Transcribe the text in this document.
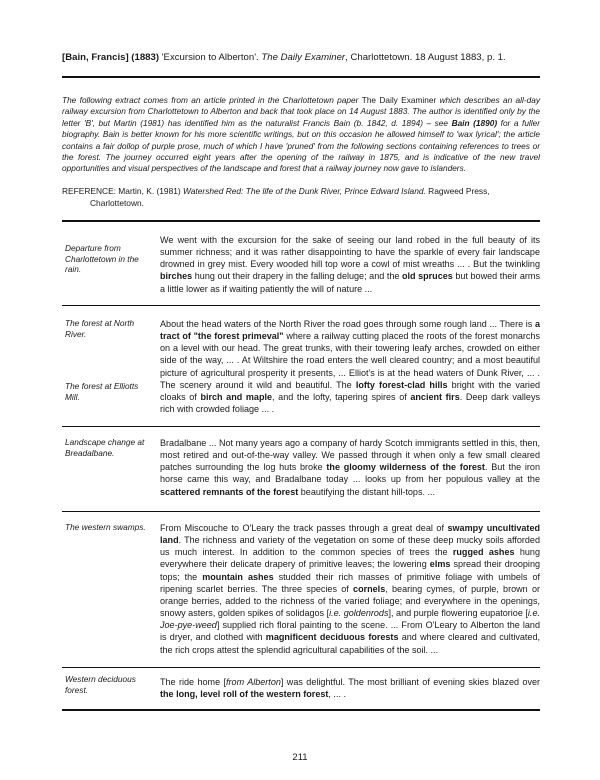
[Bain, Francis] (1883) 'Excursion to Alberton'. The Daily Examiner, Charlottetown. 18 August 1883, p. 1.
The following extract comes from an article printed in the Charlottetown paper The Daily Examiner which describes an all-day railway excursion from Charlottetown to Alberton and back that took place on 14 August 1883. The author is identified only by the letter 'B', but Martin (1981) has identified him as the naturalist Francis Bain (b. 1842, d. 1894) – see Bain (1890) for a fuller biography. Bain is better known for his more scientific writings, but on this occasion he allowed himself to 'wax lyrical'; the article contains a fair dollop of purple prose, much of which I have 'pruned' from the following sections containing references to trees or the forest. The journey occurred eight years after the opening of the railway in 1875, and is indicative of the new travel opportunities and visual perspectives of the landscape and forest that a railway journey now gave to islanders.
REFERENCE: Martin, K. (1981) Watershed Red: The life of the Dunk River, Prince Edward Island. Ragweed Press,
Charlottetown.
Departure from Charlottetown in the rain.
We went with the excursion for the sake of seeing our land robed in the full beauty of its summer richness; and it was rather disappointing to have the sparkle of every fair landscape drowned in grey mist. Every wooded hill top wore a cowl of mist wreaths ... . But the twinkling birches hung out their drapery in the falling deluge; and the old spruces but bowed their arms a little lower as if waiting patiently the will of nature ...
The forest at North River.
The forest at Elliotts Mill.
About the head waters of the North River the road goes through some rough land ... There is a tract of "the forest primeval" where a railway cutting placed the roots of the forest monarchs on a level with our head. The great trunks, with their towering leafy arches, crowded on either side of the way, ... . At Wiltshire the road enters the well cleared country; and a most beautiful picture of agricultural prosperity it presents, ... Elliot's is at the head waters of Dunk River, ... . The scenery around it wild and beautiful. The lofty forest-clad hills bright with the varied cloaks of birch and maple, and the lofty, tapering spires of ancient firs. Deep dark valleys rich with crowded foliage ... .
Landscape change at Breadalbane.
Bradalbane ... Not many years ago a company of hardy Scotch immigrants settled in this, then, most retired and out-of-the-way valley. We passed through it when only a few small cleared patches surrounding the log huts broke the gloomy wilderness of the forest. But the iron horse came this way, and Bradalbane today ... looks up from her populous valley at the scattered remnants of the forest beautifying the distant hill-tops. ...
The western swamps.	From Miscouche to O'Leary the track passes through a great deal of swampy uncultivated land. The richness and variety of the vegetation on some of these deep mucky soils afforded us much interest. In addition to the common species of trees the rugged ashes hung everywhere their delicate drapery of primitive leaves; the lowering elms spread their drooping tops; the mountain ashes studded their rich masses of primitive foliage with umbels of ripening scarlet berries. The three species of cornels, bearing cymes, of purple, brown or orange berries, added to the richness of the varied foliage; and everywhere in the openings, snowy asters, golden spikes of solidagos [i.e. goldenrods], and purple flowering eupatorioe [i.e. Joe-pye-weed] supplied rich floral painting to the scene. ... From O'Leary to Alberton the land is dryer, and clothed with magnificent deciduous forests and where cleared and cultivated, the rich crops attest the splendid agricultural capabilities of the soil. ...
Western deciduous forest.
The ride home [from Alberton] was delightful. The most brilliant of evening skies blazed over the long, level roll of the western forest, ... .
211
